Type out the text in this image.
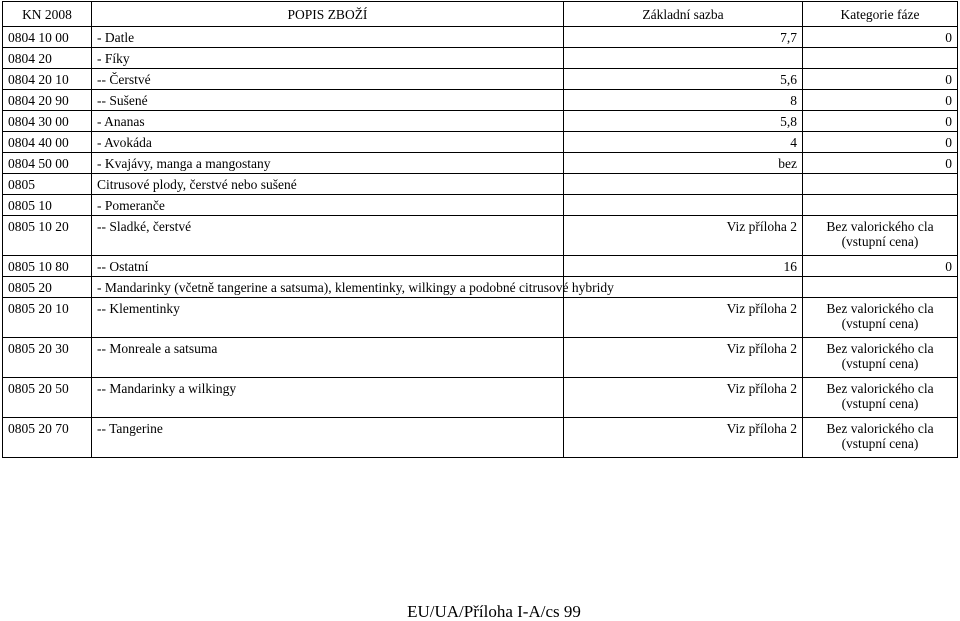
KN 2008	POPIS ZBOŽÍ	Základní sazba	Kategorie fáze
0804 10 00	- Datle	7,7	0
0804 20	- Fíky		
0804 20 10	-- Čerstvé	5,6	0
0804 20 90	-- Sušené	8	0
0804 30 00	- Ananas	5,8	0
0804 40 00	- Avokáda	4	0
0804 50 00	- Kvajávy, manga a mangostany	bez	0
0805	Citrusové plody, čerstvé nebo sušené		
0805 10	- Pomeranče		
0805 10 20	-- Sladké, čerstvé	Viz příloha 2	Bez valorického cla (vstupní cena)
0805 10 80	-- Ostatní	16	0
0805 20	- Mandarinky (včetně tangerine a satsuma), klementinky, wilkingy a podobné citrusové hybridy		
0805 20 10	-- Klementinky	Viz příloha 2	Bez valorického cla (vstupní cena)
0805 20 30	-- Monreale a satsuma	Viz příloha 2	Bez valorického cla (vstupní cena)
0805 20 50	-- Mandarinky a wilkingy	Viz příloha 2	Bez valorického cla (vstupní cena)
0805 20 70	-- Tangerine	Viz příloha 2	Bez valorického cla (vstupní cena)
EU/UA/Příloha I-A/cs 99
